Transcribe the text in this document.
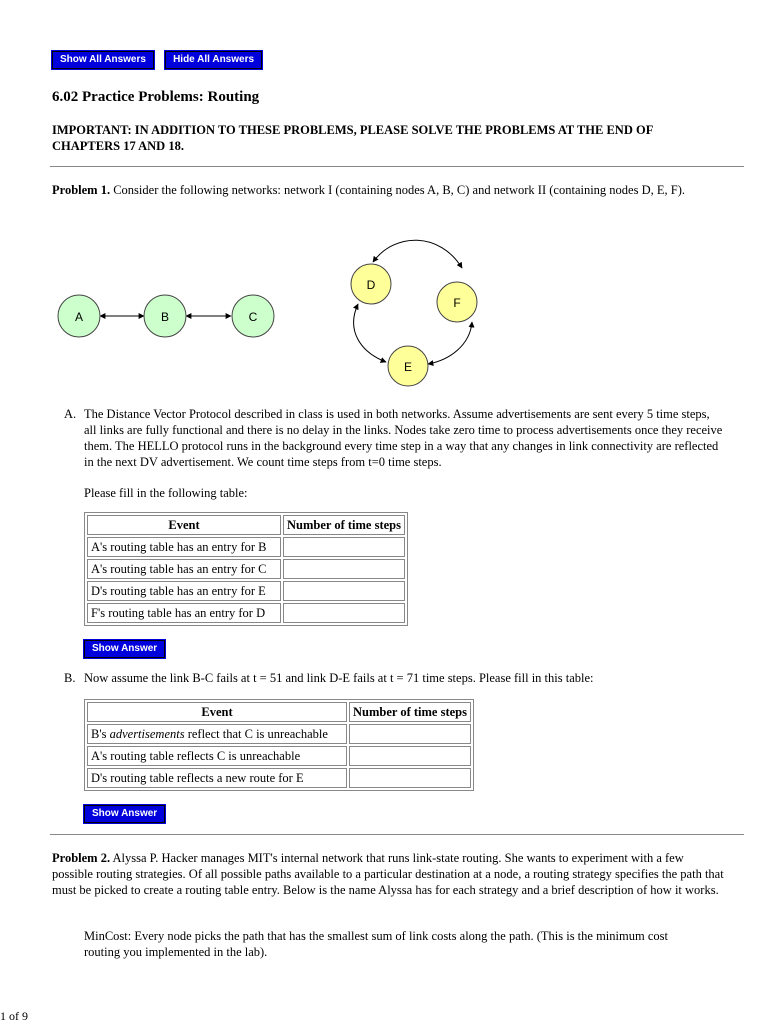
Show All Answers	Hide All Answers
6.02 Practice Problems: Routing

IMPORTANT: IN ADDITION TO THESE PROBLEMS, PLEASE SOLVE THE PROBLEMS AT THE END OF CHAPTERS 17 AND 18.

Problem 1. Consider the following networks: network I (containing nodes A, B, C) and network II (containing nodes D, E, F).
A	B	C
D
F
E
A. The Distance Vector Protocol described in class is used in both networks. Assume advertisements are sent every 5 time steps, all links are fully functional and there is no delay in the links. Nodes take zero time to process advertisements once they receive them. The HELLO protocol runs in the background every time step in a way that any changes in link connectivity are reflected in the next DV advertisement. We count time steps from t=0 time steps.
Please fill in the following table:
Event	Number of time steps
A's routing table has an entry for B	
A's routing table has an entry for C	
D's routing table has an entry for E	
F's routing table has an entry for D	
Show Answer
B. Now assume the link B-C fails at t = 51 and link D-E fails at t = 71 time steps. Please fill in this table:
Event	Number of time steps
B's advertisements reflect that C is unreachable	
A's routing table reflects C is unreachable	
D's routing table reflects a new route for E	
Show Answer
Problem 2. Alyssa P. Hacker manages MIT's internal network that runs link-state routing. She wants to experiment with a few possible routing strategies. Of all possible paths available to a particular destination at a node, a routing strategy specifies the path that must be picked to create a routing table entry. Below is the name Alyssa has for each strategy and a brief description of how it works.
MinCost: Every node picks the path that has the smallest sum of link costs along the path. (This is the minimum cost routing you implemented in the lab).
1 of 9
